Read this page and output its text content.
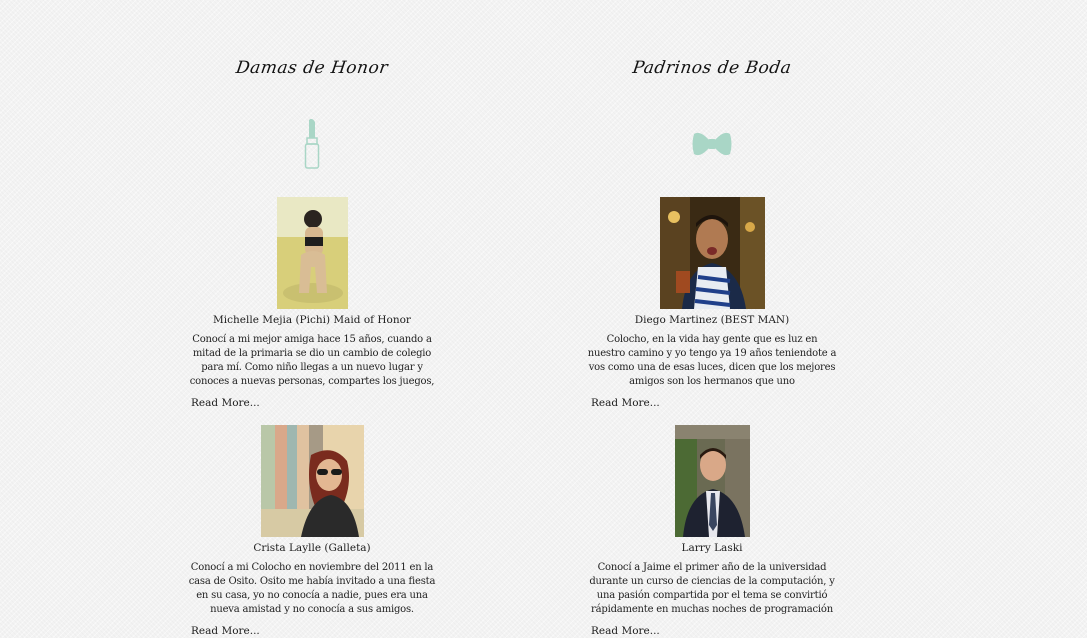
Damas de Honor
Michelle Mejia (Pichi) Maid of Honor

Conocí a mi mejor amiga hace 15 años, cuando a mitad de la primaria se dio un cambio de colegio para mí. Como niño llegas a un nuevo lugar y conoces a nuevas personas, compartes los juegos,

Read More...
Crista Laylle (Galleta)

Conocí a mi Colocho en noviembre del 2011 en la casa de Osito. Osito me había invitado a una fiesta en su casa, yo no conocía a nadie, pues era una nueva amistad y no conocía a sus amigos.

Read More...
Padrinos de Boda
Diego Martinez (BEST MAN)

Colocho, en la vida hay gente que es luz en nuestro camino y yo tengo ya 19 años teniendote a vos como una de esas luces, dicen que los mejores amigos son los hermanos que uno

Read More...
Larry Laski

Conocí a Jaime el primer año de la universidad durante un curso de ciencias de la computación, y una pasión compartida por el tema se convirtió rápidamente en muchas noches de programación

Read More...
